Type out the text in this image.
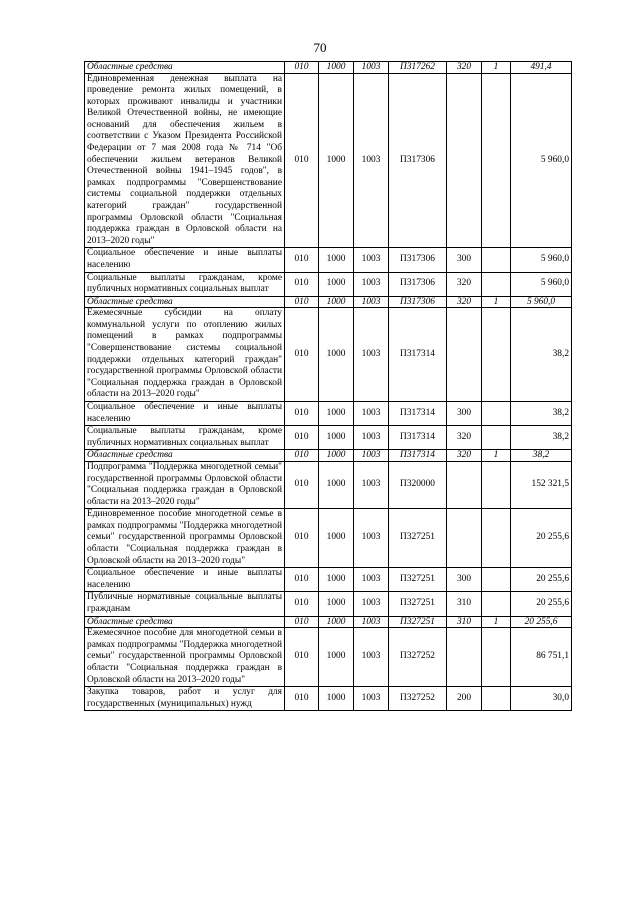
70
Областные средства	010	1000	1003	П317262	320	1	491,4
Единовременная денежная выплата на проведение ремонта жилых помещений, в которых проживают инвалиды и участники Великой Отечественной войны, не имеющие оснований для обеспечения жильем в соответствии с Указом Президента Российской Федерации от 7 мая 2008 года № 714 "Об обеспечении жильем ветеранов Великой Отечественной войны 1941–1945 годов", в рамках подпрограммы "Совершенствование системы социальной поддержки отдельных категорий граждан" государственной программы Орловской области "Социальная поддержка граждан в Орловской области на 2013–2020 годы"	010	1000	1003	П317306			5 960,0
Социальное обеспечение и иные выплаты населению	010	1000	1003	П317306	300		5 960,0
Социальные выплаты гражданам, кроме публичных нормативных социальных выплат	010	1000	1003	П317306	320		5 960,0
Областные средства	010	1000	1003	П317306	320	1	5 960,0
Ежемесячные субсидии на оплату коммунальной услуги по отоплению жилых помещений в рамках подпрограммы "Совершенствование системы социальной поддержки отдельных категорий граждан" государственной программы Орловской области "Социальная поддержка граждан в Орловской области на 2013–2020 годы"	010	1000	1003	П317314			38,2
Социальное обеспечение и иные выплаты населению	010	1000	1003	П317314	300		38,2
Социальные выплаты гражданам, кроме публичных нормативных социальных выплат	010	1000	1003	П317314	320		38,2
Областные средства	010	1000	1003	П317314	320	1	38,2
Подпрограмма "Поддержка многодетной семьи" государственной программы Орловской области "Социальная поддержка граждан в Орловской области на 2013–2020 годы"	010	1000	1003	П320000			152 321,5
Единовременное пособие многодетной семье в рамках подпрограммы "Поддержка многодетной семьи" государственной программы Орловской области "Социальная поддержка граждан в Орловской области на 2013–2020 годы"	010	1000	1003	П327251			20 255,6
Социальное обеспечение и иные выплаты населению	010	1000	1003	П327251	300		20 255,6
Публичные нормативные социальные выплаты гражданам	010	1000	1003	П327251	310		20 255,6
Областные средства	010	1000	1003	П327251	310	1	20 255,6
Ежемесячное пособие для многодетной семьи в рамках подпрограммы "Поддержка многодетной семьи" государственной программы Орловской области "Социальная поддержка граждан в Орловской области на 2013–2020 годы"	010	1000	1003	П327252			86 751,1
Закупка товаров, работ и услуг для государственных (муниципальных) нужд	010	1000	1003	П327252	200		30,0
